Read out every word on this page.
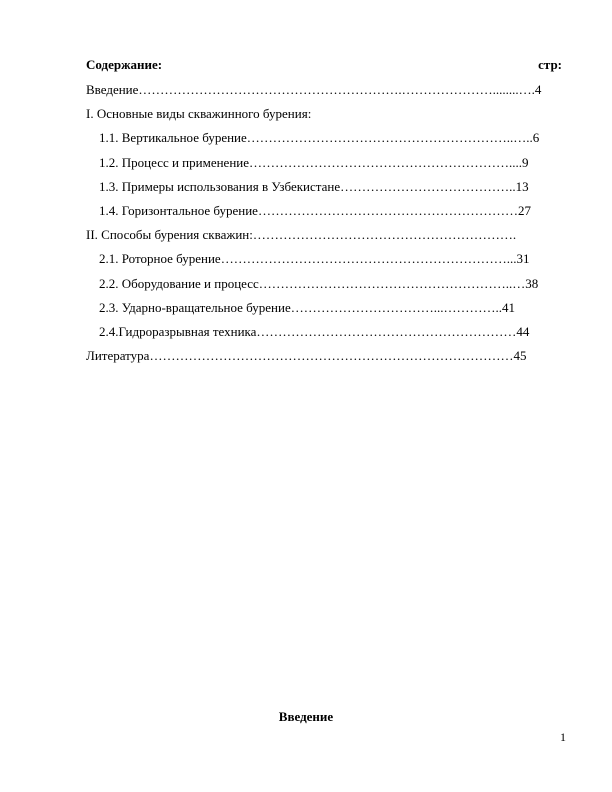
Содержание:	стр:
Введение…………………………………………………….…………………........….4
I. Основные виды скважинного бурения:
1.1. Вертикальное бурение……………………………………………………..…..6
1.2. Процесс и применение……………………………………………………....9
1.3. Примеры использования в Узбекистане…………………………………..13
1.4. Горизонтальное бурение……………………………………………………27
II. Способы бурения скважин:…………………………………………………….
2.1. Роторное бурение…………………………………………………………...31
2.2. Оборудование и процесс…………………………………………………..…38
2.3. Ударно-вращательное бурение……………………………...…………..41
2.4.Гидроразрывная техника……………………………………………………44
Литература…………………………………………………………………………45
Введение
1
